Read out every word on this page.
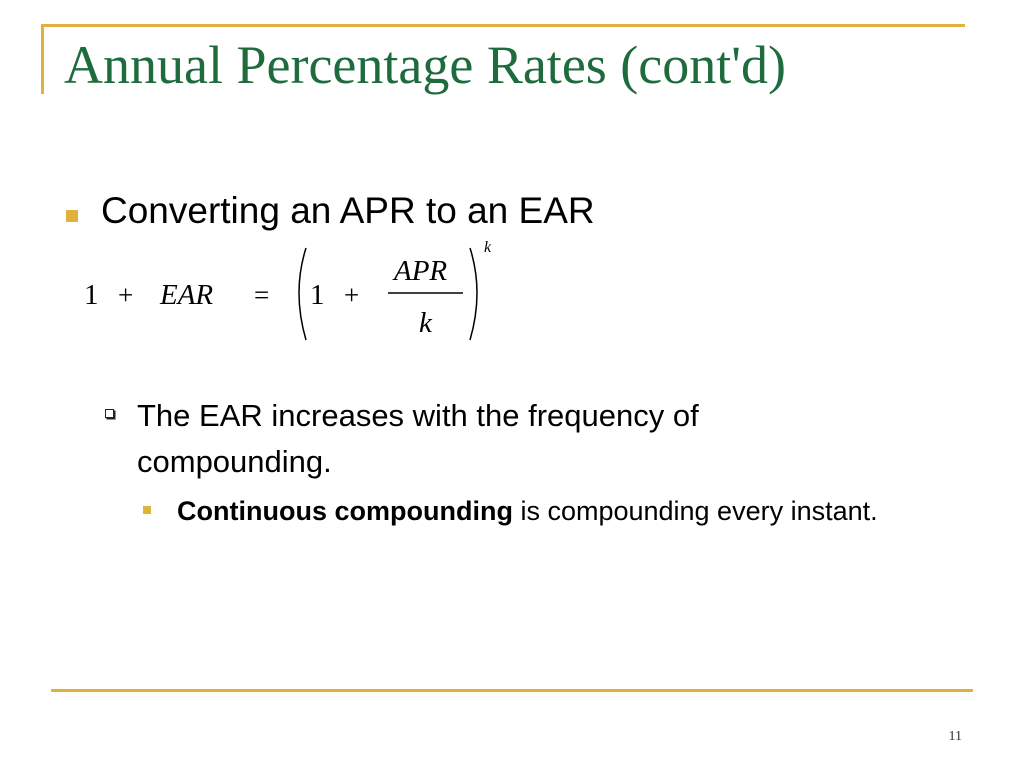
Annual Percentage Rates (cont'd)
Converting an APR to an EAR
1 + EAR = 1 +
APR
k
k
The EAR increases with the frequency of compounding.
Continuous compounding is compounding every instant.
11
